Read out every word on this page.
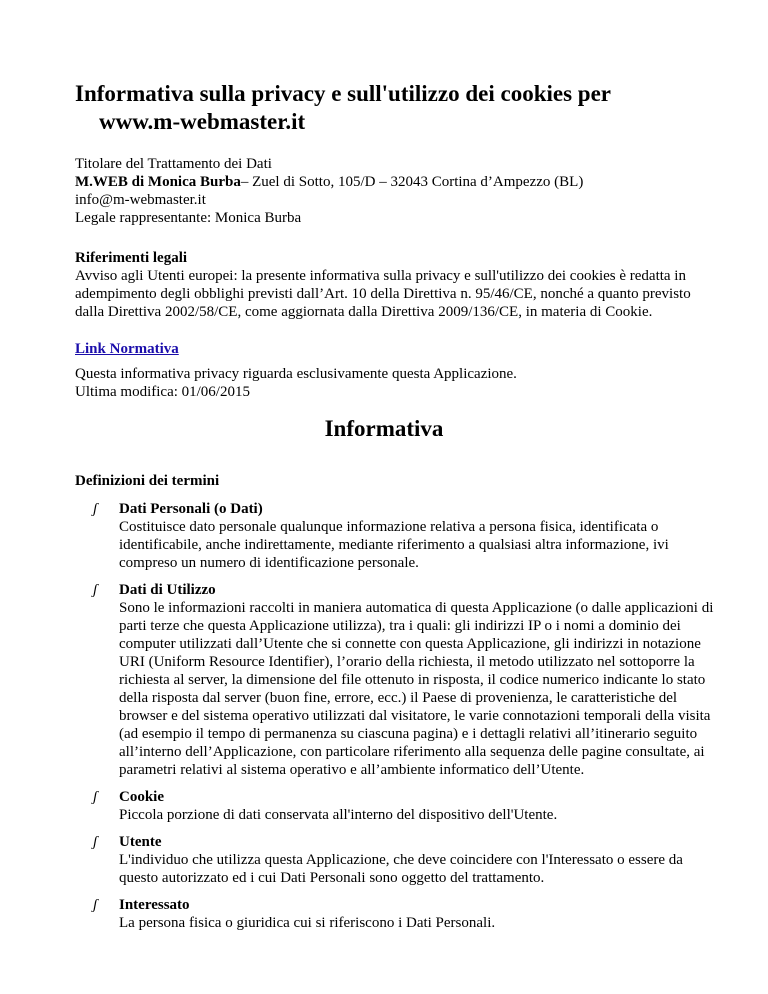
Informativa sulla privacy e sull'utilizzo dei cookies per
www.m-webmaster.it

Titolare del Trattamento dei Dati

M.WEB di Monica Burba– Zuel di Sotto, 105/D – 32043 Cortina d’Ampezzo (BL)

info@m-webmaster.it

Legale rappresentante: Monica Burba

Riferimenti legali

Avviso agli Utenti europei: la presente informativa sulla privacy e sull'utilizzo dei cookies è redatta in adempimento degli obblighi previsti dall’Art. 10 della Direttiva n. 95/46/CE, nonché a quanto previsto dalla Direttiva 2002/58/CE, come aggiornata dalla Direttiva 2009/136/CE, in materia di Cookie.

Link Normativa

Questa informativa privacy riguarda esclusivamente questa Applicazione.

Ultima modifica: 01/06/2015

Informativa
Definizioni dei termini
ʃ Dati Personali (o Dati)
Costituisce dato personale qualunque informazione relativa a persona fisica, identificata o identificabile, anche indirettamente, mediante riferimento a qualsiasi altra informazione, ivi compreso un numero di identificazione personale.
ʃ Dati di Utilizzo
Sono le informazioni raccolti in maniera automatica di questa Applicazione (o dalle applicazioni di parti terze che questa Applicazione utilizza), tra i quali: gli indirizzi IP o i nomi a dominio dei computer utilizzati dall’Utente che si connette con questa Applicazione, gli indirizzi in notazione URI (Uniform Resource Identifier), l’orario della richiesta, il metodo utilizzato nel sottoporre la richiesta al server, la dimensione del file ottenuto in risposta, il codice numerico indicante lo stato della risposta dal server (buon fine, errore, ecc.) il Paese di provenienza, le caratteristiche del browser e del sistema operativo utilizzati dal visitatore, le varie connotazioni temporali della visita (ad esempio il tempo di permanenza su ciascuna pagina) e i dettagli relativi all’itinerario seguito all’interno dell’Applicazione, con particolare riferimento alla sequenza delle pagine consultate, ai parametri relativi al sistema operativo e all’ambiente informatico dell’Utente.
ʃ Cookie
Piccola porzione di dati conservata all'interno del dispositivo dell'Utente.
ʃ Utente
L'individuo che utilizza questa Applicazione, che deve coincidere con l'Interessato o essere da questo autorizzato ed i cui Dati Personali sono oggetto del trattamento.
ʃ Interessato
La persona fisica o giuridica cui si riferiscono i Dati Personali.
